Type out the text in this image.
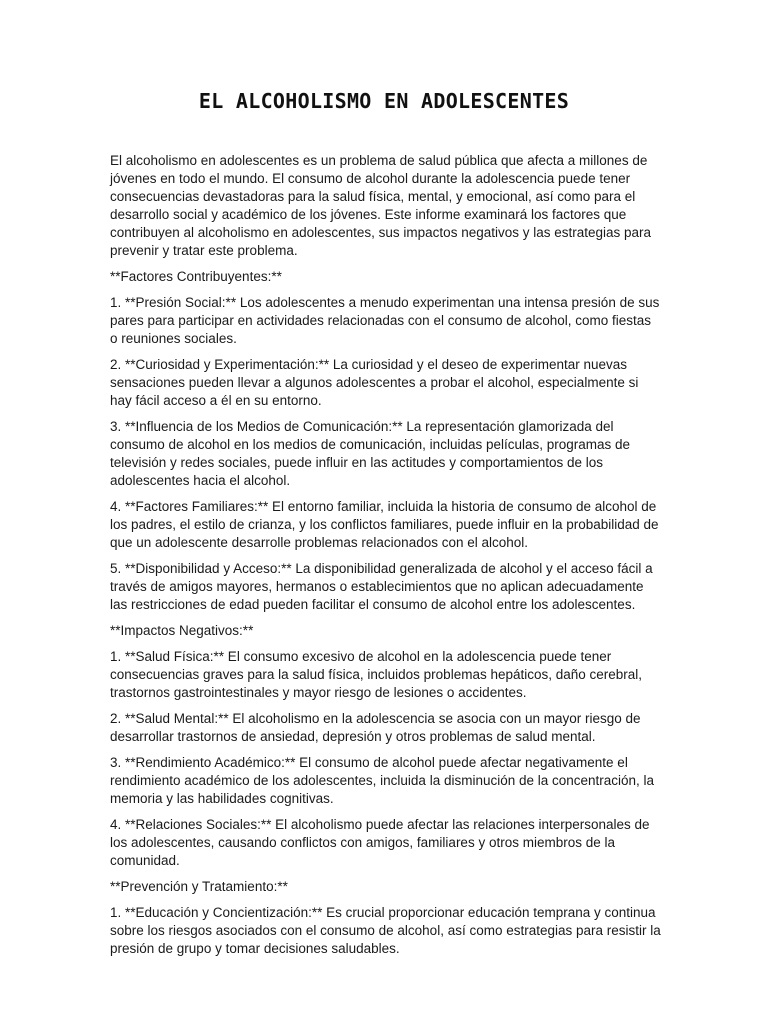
EL ALCOHOLISMO EN ADOLESCENTES

El alcoholismo en adolescentes es un problema de salud pública que afecta a millones de jóvenes en todo el mundo. El consumo de alcohol durante la adolescencia puede tener consecuencias devastadoras para la salud física, mental, y emocional, así como para el desarrollo social y académico de los jóvenes. Este informe examinará los factores que contribuyen al alcoholismo en adolescentes, sus impactos negativos y las estrategias para prevenir y tratar este problema.

**Factores Contribuyentes:**

1. **Presión Social:** Los adolescentes a menudo experimentan una intensa presión de sus pares para participar en actividades relacionadas con el consumo de alcohol, como fiestas o reuniones sociales.

2. **Curiosidad y Experimentación:** La curiosidad y el deseo de experimentar nuevas sensaciones pueden llevar a algunos adolescentes a probar el alcohol, especialmente si hay fácil acceso a él en su entorno.

3. **Influencia de los Medios de Comunicación:** La representación glamorizada del consumo de alcohol en los medios de comunicación, incluidas películas, programas de televisión y redes sociales, puede influir en las actitudes y comportamientos de los adolescentes hacia el alcohol.

4. **Factores Familiares:** El entorno familiar, incluida la historia de consumo de alcohol de los padres, el estilo de crianza, y los conflictos familiares, puede influir en la probabilidad de que un adolescente desarrolle problemas relacionados con el alcohol.

5. **Disponibilidad y Acceso:** La disponibilidad generalizada de alcohol y el acceso fácil a través de amigos mayores, hermanos o establecimientos que no aplican adecuadamente las restricciones de edad pueden facilitar el consumo de alcohol entre los adolescentes.

**Impactos Negativos:**

1. **Salud Física:** El consumo excesivo de alcohol en la adolescencia puede tener consecuencias graves para la salud física, incluidos problemas hepáticos, daño cerebral, trastornos gastrointestinales y mayor riesgo de lesiones o accidentes.

2. **Salud Mental:** El alcoholismo en la adolescencia se asocia con un mayor riesgo de desarrollar trastornos de ansiedad, depresión y otros problemas de salud mental.

3. **Rendimiento Académico:** El consumo de alcohol puede afectar negativamente el rendimiento académico de los adolescentes, incluida la disminución de la concentración, la memoria y las habilidades cognitivas.

4. **Relaciones Sociales:** El alcoholismo puede afectar las relaciones interpersonales de los adolescentes, causando conflictos con amigos, familiares y otros miembros de la comunidad.

**Prevención y Tratamiento:**

1. **Educación y Concientización:** Es crucial proporcionar educación temprana y continua sobre los riesgos asociados con el consumo de alcohol, así como estrategias para resistir la presión de grupo y tomar decisiones saludables.
